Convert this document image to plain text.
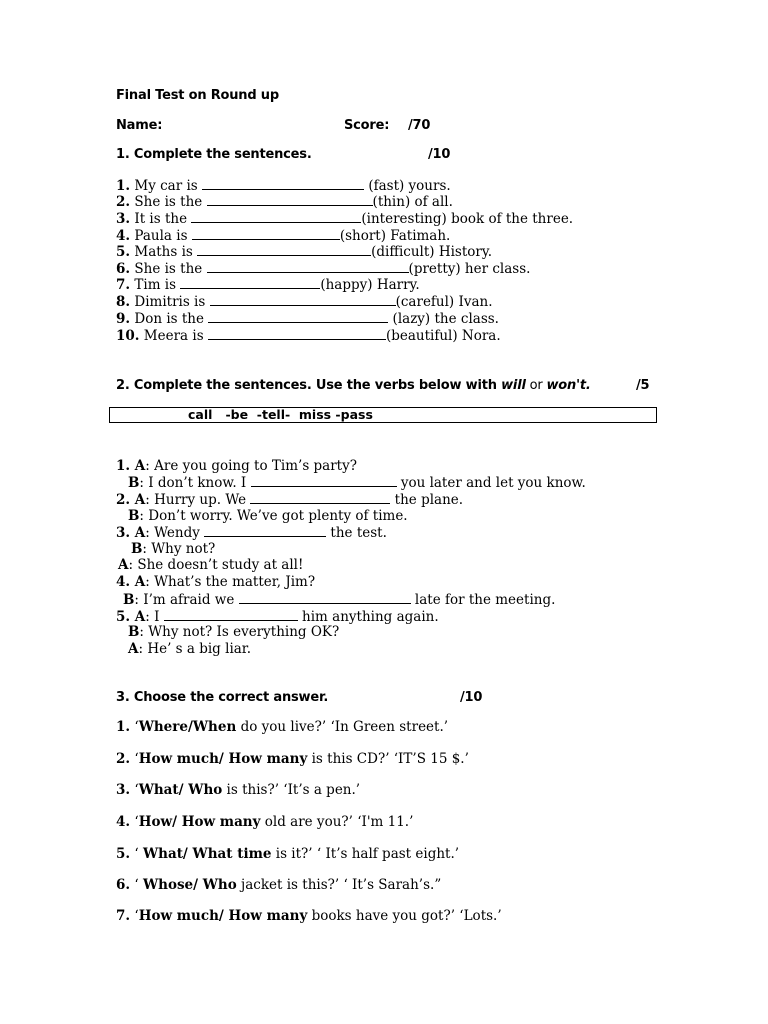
Final Test on Round up
Name:	Score: /70
1. Complete the sentences.	/10
1. My car is	(fast) yours.
2. She is the	(thin) of all.
3. It is the	(interesting) book of the three.
4. Paula is	(short) Fatimah.
5. Maths is	(difficult) History.
6. She is the	(pretty) her class.
7. Tim is	(happy) Harry.
8. Dimitris is	(careful) Ivan.
9. Don is the	(lazy) the class.
10. Meera is	(beautiful) Nora.
2. Complete the sentences. Use the verbs below with will or won't.	/5
call   -be  -tell-  miss -pass
1. A: Are you going to Tim’s party?
B: I don’t know. I	you later and let you know.
2. A: Hurry up. We	the plane.
B: Don’t worry. We’ve got plenty of time.
3. A: Wendy	the test.
B: Why not?
A: She doesn’t study at all!
4. A: What’s the matter, Jim?
B: I’m afraid we	late for the meeting.
5. A: I	him anything again.
B: Why not? Is everything OK?
A: He’ s a big liar.
3. Choose the correct answer.	/10
1. ‘Where/When do you live?’ ‘In Green street.’
2. ‘How much/ How many is this CD?’ ‘IT’S 15 $.’
3. ‘What/ Who is this?’ ‘It’s a pen.’
4. ‘How/ How many old are you?’ ‘I'm 11.’
5. ‘ What/ What time is it?’ ‘ It’s half past eight.’
6. ‘ Whose/ Who jacket is this?’ ‘ It’s Sarah’s.”
7. ‘How much/ How many books have you got?’ ‘Lots.’
